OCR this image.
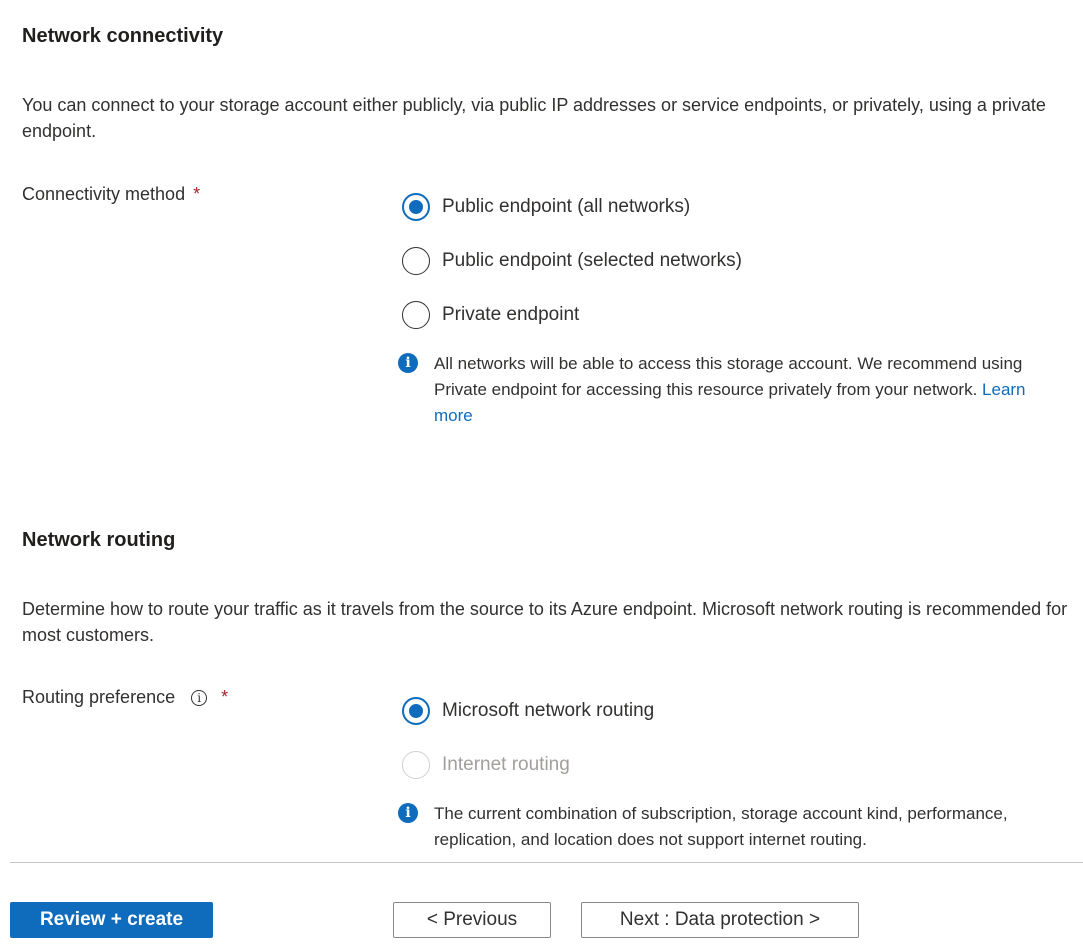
Network connectivity
You can connect to your storage account either publicly, via public IP addresses or service endpoints, or privately, using a private endpoint.
Connectivity method *
Public endpoint (all networks)
Public endpoint (selected networks)
Private endpoint
i	All networks will be able to access this storage account. We recommend using Private endpoint for accessing this resource privately from your network. Learn more
Network routing
Determine how to route your traffic as it travels from the source to its Azure endpoint. Microsoft network routing is recommended for most customers.
Routing preference	i	*
Microsoft network routing
Internet routing
i	The current combination of subscription, storage account kind, performance, replication, and location does not support internet routing.
Review + create	< Previous	Next : Data protection >
